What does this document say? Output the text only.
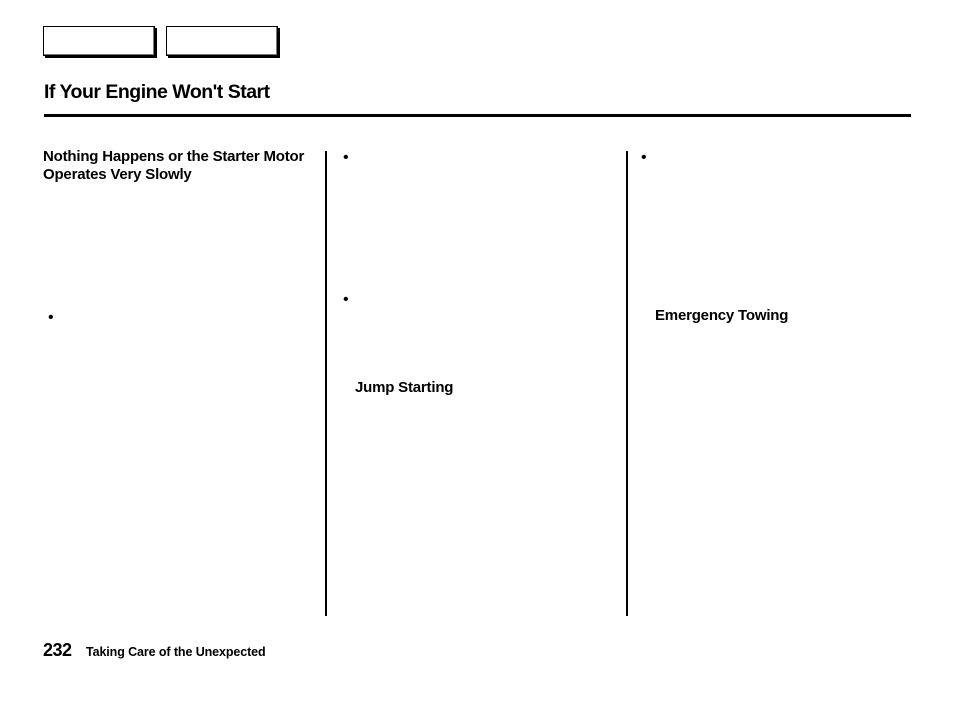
If Your Engine Won't Start
Nothing Happens or the Starter Motor Operates Very Slowly
•
•
•
Jump Starting
•
Emergency Towing
232 Taking Care of the Unexpected
